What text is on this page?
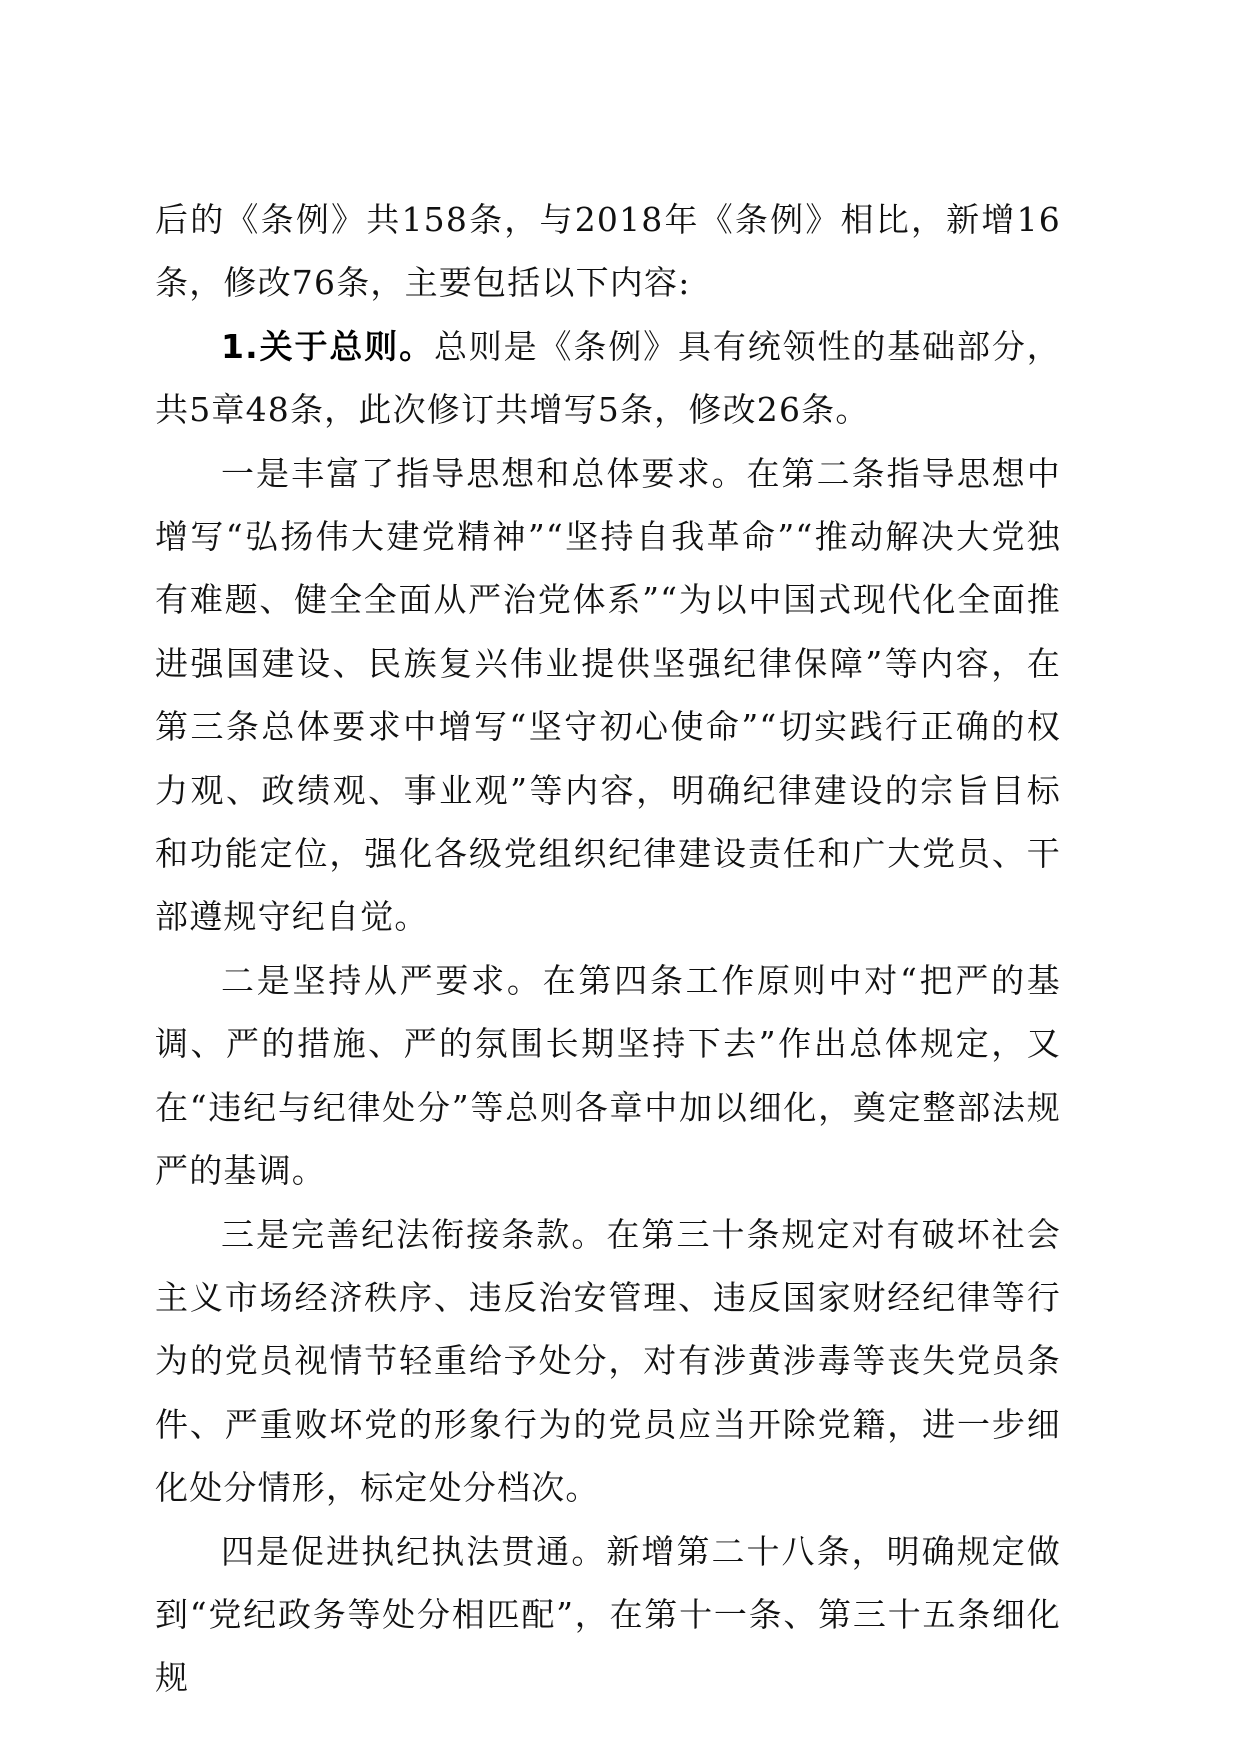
后的《条例》共158条，与2018年《条例》相比，新增16条，修改76条，主要包括以下内容:

1.关于总则。总则是《条例》具有统领性的基础部分，共5章48条，此次修订共增写5条，修改26条。

一是丰富了指导思想和总体要求。在第二条指导思想中增写“弘扬伟大建党精神”“坚持自我革命”“推动解决大党独有难题、健全全面从严治党体系”“为以中国式现代化全面推进强国建设、民族复兴伟业提供坚强纪律保障”等内容，在第三条总体要求中增写“坚守初心使命”“切实践行正确的权力观、政绩观、事业观”等内容，明确纪律建设的宗旨目标和功能定位，强化各级党组织纪律建设责任和广大党员、干部遵规守纪自觉。

二是坚持从严要求。在第四条工作原则中对“把严的基调、严的措施、严的氛围长期坚持下去”作出总体规定，又在“违纪与纪律处分”等总则各章中加以细化，奠定整部法规严的基调。

三是完善纪法衔接条款。在第三十条规定对有破坏社会主义市场经济秩序、违反治安管理、违反国家财经纪律等行为的党员视情节轻重给予处分，对有涉黄涉毒等丧失党员条件、严重败坏党的形象行为的党员应当开除党籍，进一步细化处分情形，标定处分档次。

四是促进执纪执法贯通。新增第二十八条，明确规定做到“党纪政务等处分相匹配”，在第十一条、第三十五条细化规
